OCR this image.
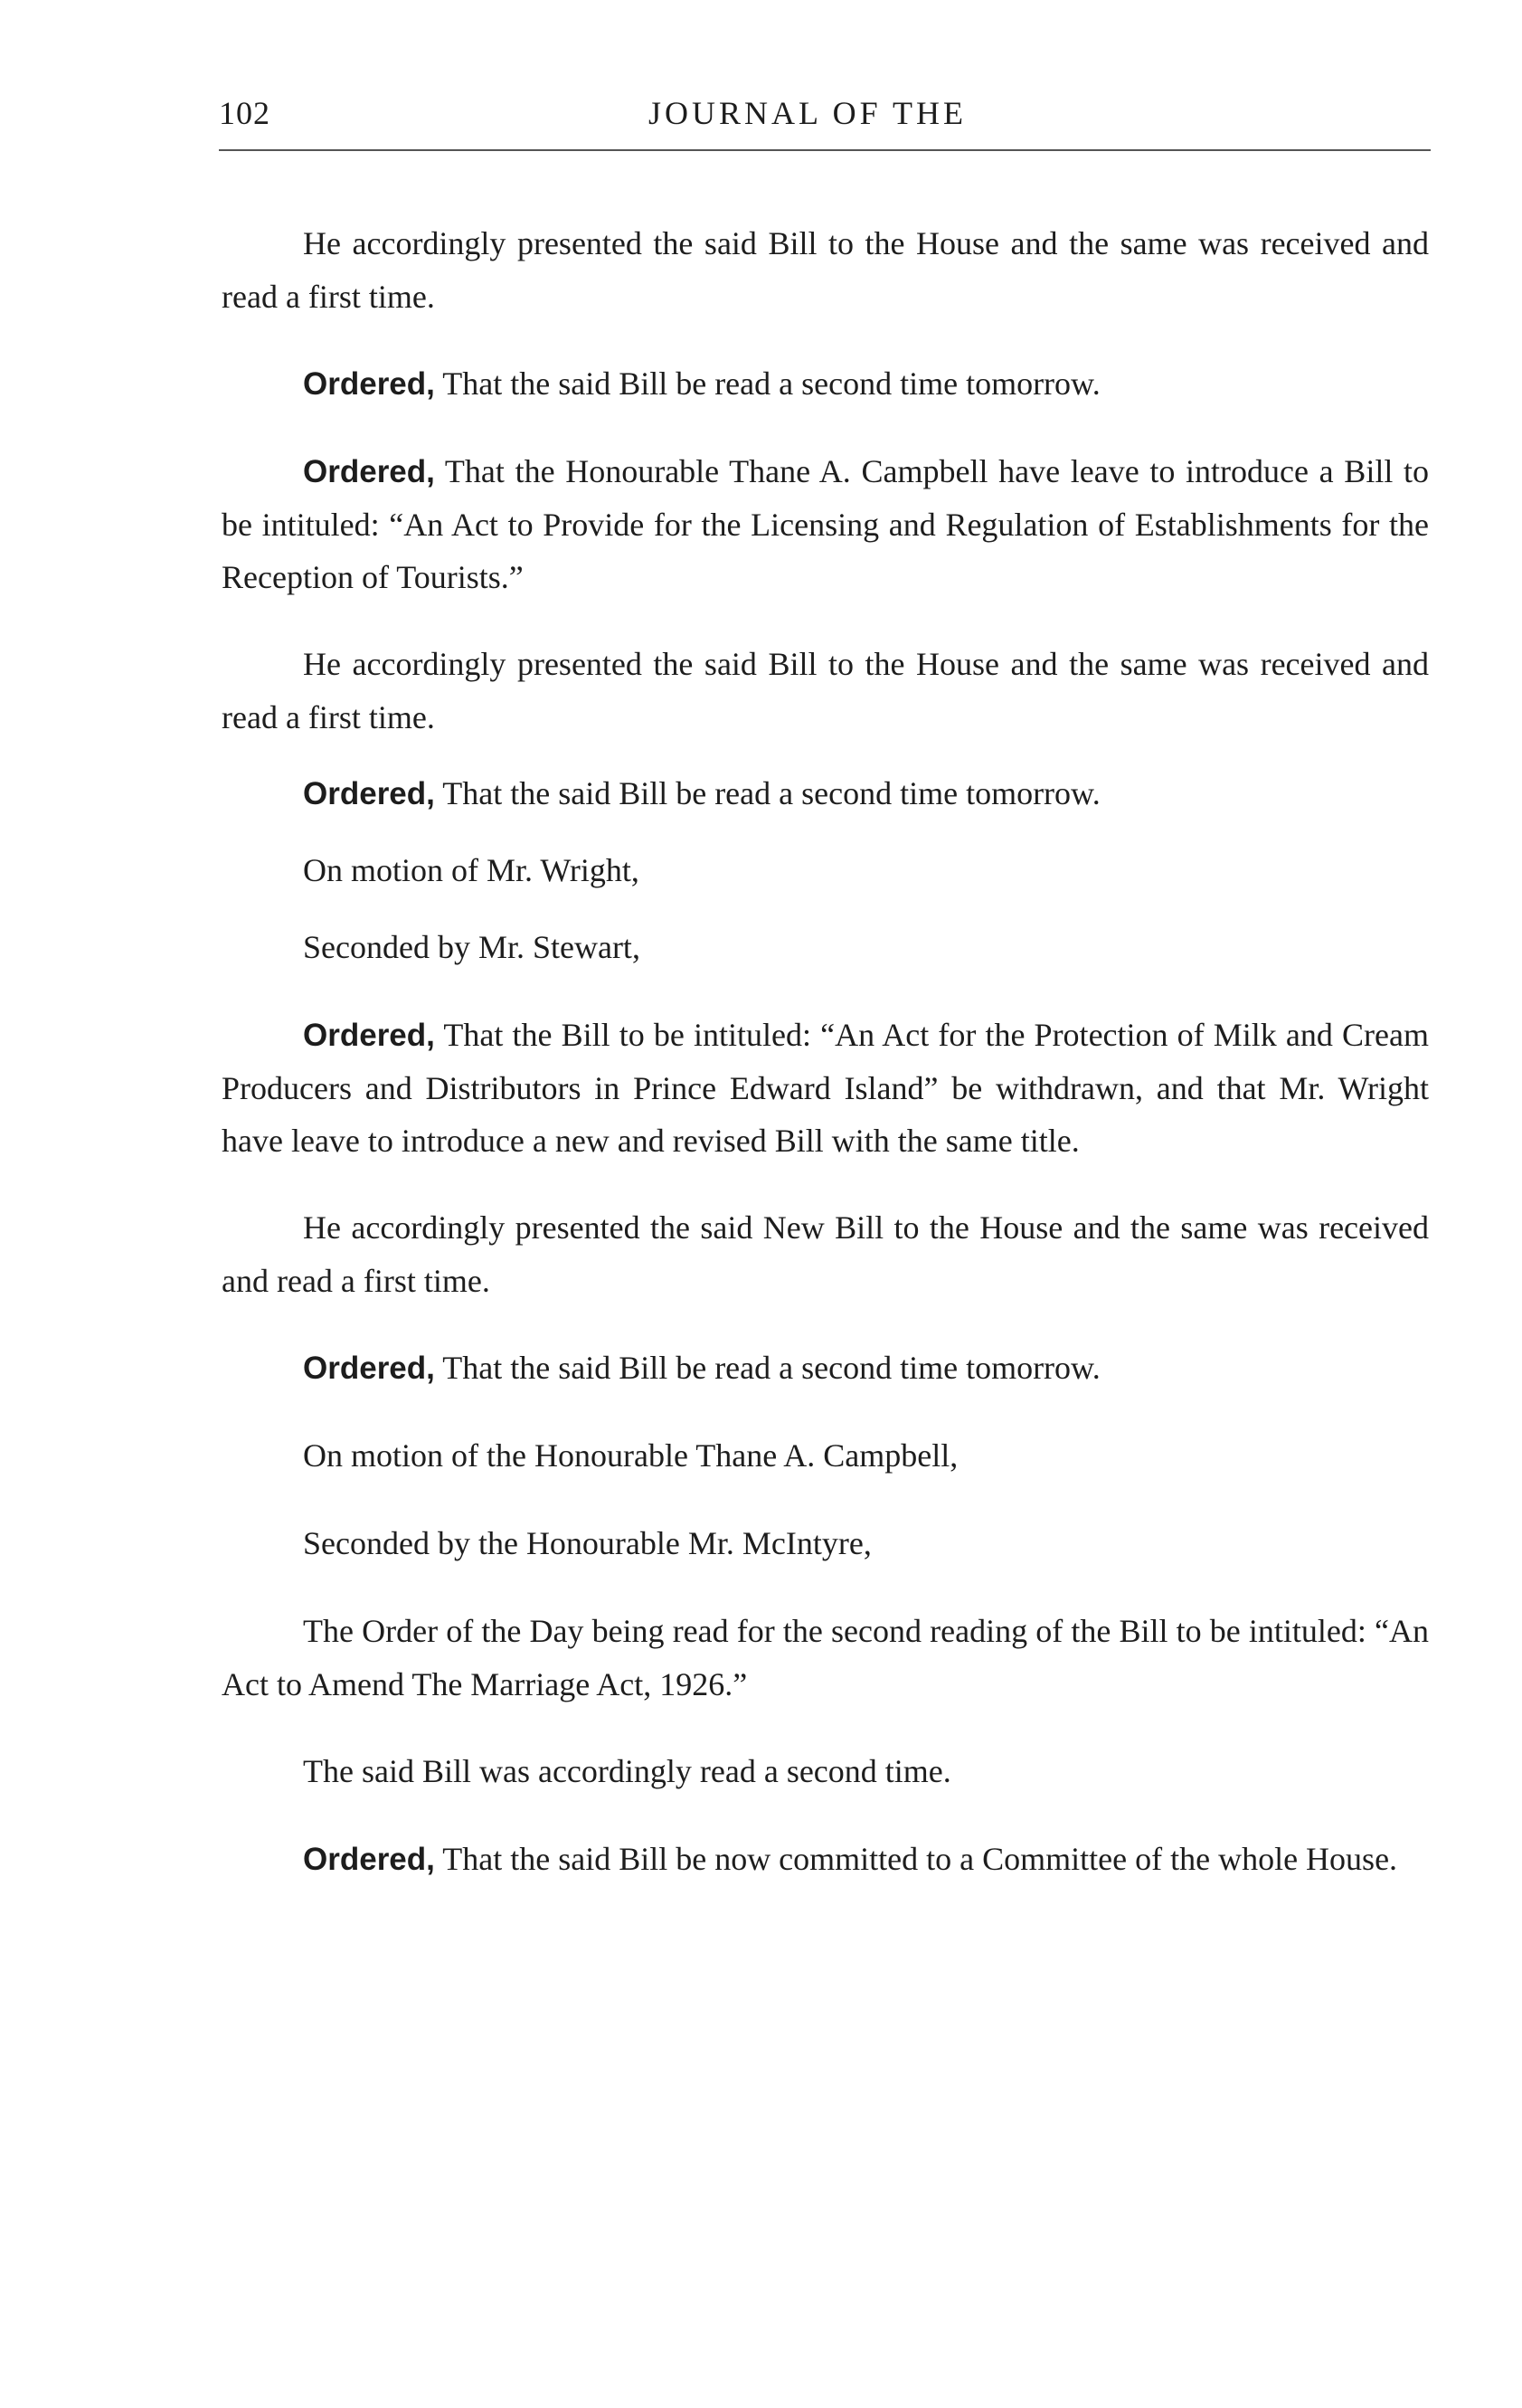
102	JOURNAL OF THE

He accordingly presented the said Bill to the House and the same was received and read a first time.

Ordered, That the said Bill be read a second time tomorrow.

Ordered, That the Honourable Thane A. Campbell have leave to introduce a Bill to be intituled: “An Act to Provide for the Licensing and Regulation of Establishments for the Reception of Tourists.”

He accordingly presented the said Bill to the House and the same was received and read a first time.

Ordered, That the said Bill be read a second time tomorrow.

On motion of Mr. Wright,

Seconded by Mr. Stewart,

Ordered, That the Bill to be intituled: “An Act for the Protection of Milk and Cream Producers and Distributors in Prince Edward Island” be withdrawn, and that Mr. Wright have leave to introduce a new and revised Bill with the same title.

He accordingly presented the said New Bill to the House and the same was received and read a first time.

Ordered, That the said Bill be read a second time tomorrow.

On motion of the Honourable Thane A. Campbell,

Seconded by the Honourable Mr. McIntyre,

The Order of the Day being read for the second reading of the Bill to be intituled: “An Act to Amend The Marriage Act, 1926.”

The said Bill was accordingly read a second time.

Ordered, That the said Bill be now committed to a Committee of the whole House.
